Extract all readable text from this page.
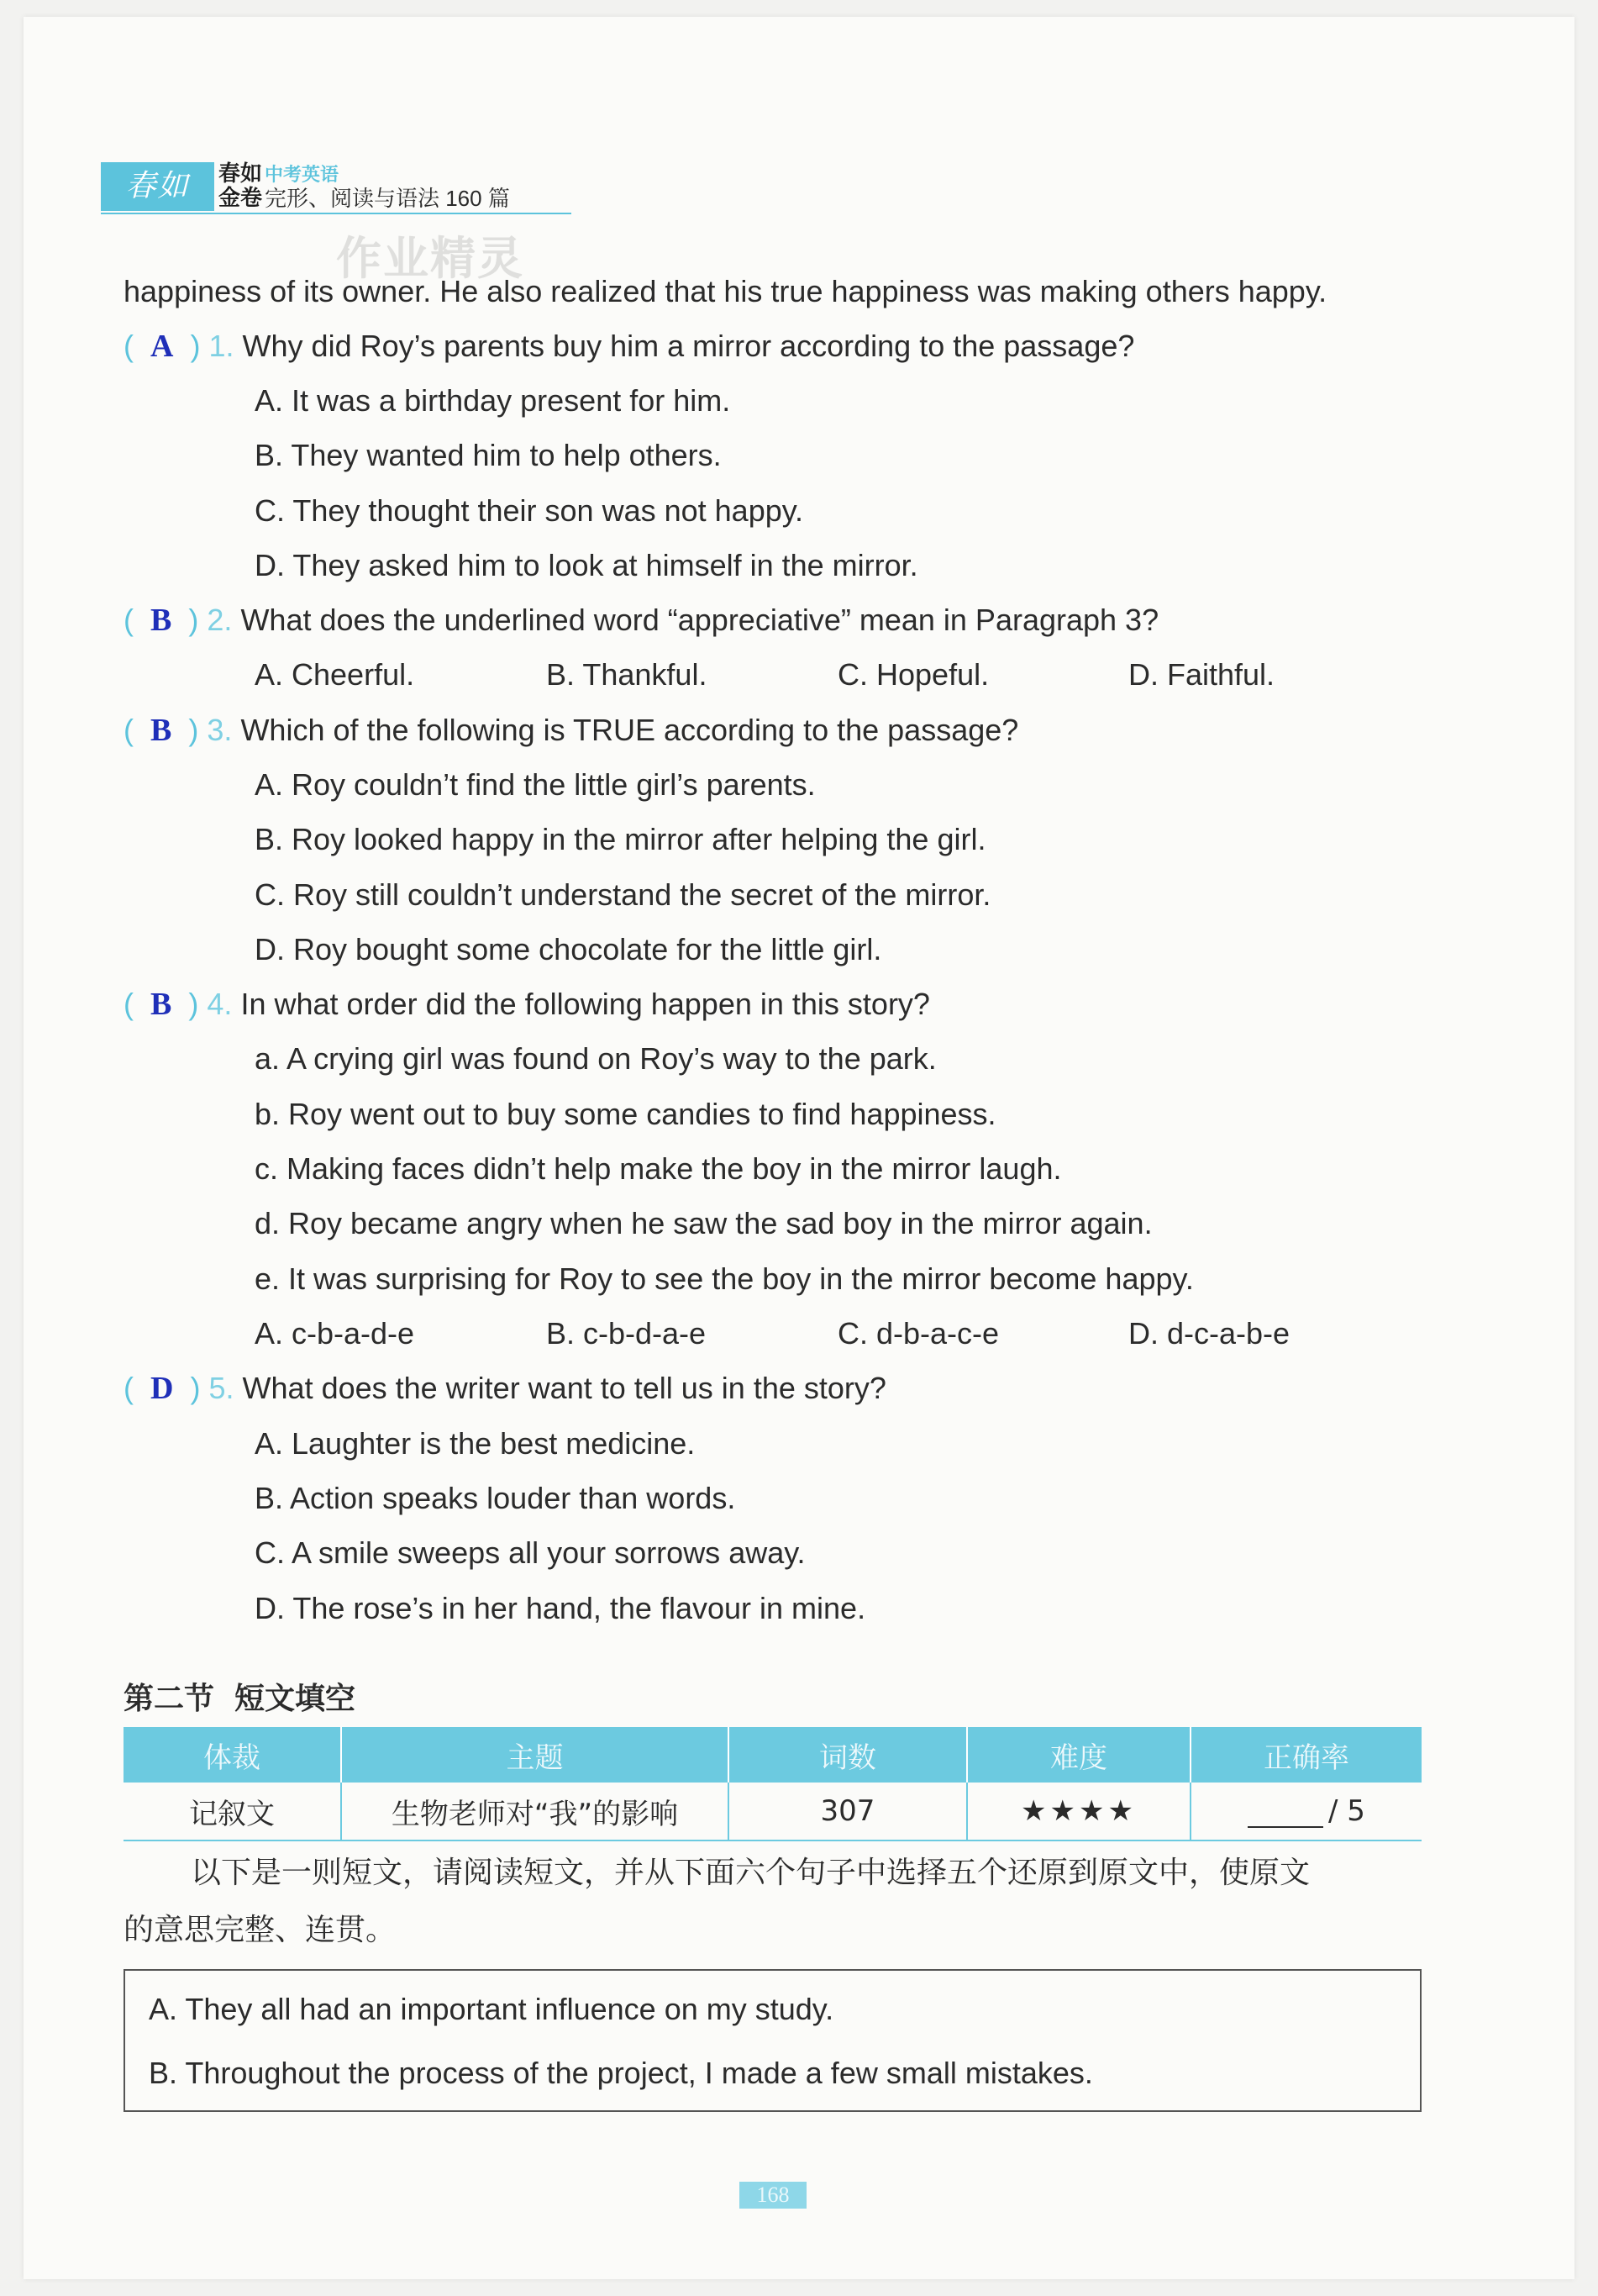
春如	春如
金卷
中考英语
完形、阅读与语法 160 篇
作业精灵
happiness of its owner. He also realized that his true happiness was making others happy.
( A ) 1. Why did Roy’s parents buy him a mirror according to the passage?
A. It was a birthday present for him.
B. They wanted him to help others.
C. They thought their son was not happy.
D. They asked him to look at himself in the mirror.
( B ) 2. What does the underlined word “appreciative” mean in Paragraph 3?
A. Cheerful.	B. Thankful.	C. Hopeful.	D. Faithful.
( B ) 3. Which of the following is TRUE according to the passage?
A. Roy couldn’t find the little girl’s parents.
B. Roy looked happy in the mirror after helping the girl.
C. Roy still couldn’t understand the secret of the mirror.
D. Roy bought some chocolate for the little girl.
( B ) 4. In what order did the following happen in this story?
a. A crying girl was found on Roy’s way to the park.
b. Roy went out to buy some candies to find happiness.
c. Making faces didn’t help make the boy in the mirror laugh.
d. Roy became angry when he saw the sad boy in the mirror again.
e. It was surprising for Roy to see the boy in the mirror become happy.
A. c-b-a-d-e	B. c-b-d-a-e	C. d-b-a-c-e	D. d-c-a-b-e
( D ) 5. What does the writer want to tell us in the story?
A. Laughter is the best medicine.
B. Action speaks louder than words.
C. A smile sweeps all your sorrows away.
D. The rose’s in her hand, the flavour in mine.
第二节 短文填空
体裁	主题	词数	难度	正确率
记叙文	生物老师对“我”的影响	307	★★★★	/ 5
以下是一则短文，请阅读短文，并从下面六个句子中选择五个还原到原文中，使原文
的意思完整、连贯。
A. They all had an important influence on my study.
B. Throughout the process of the project, I made a few small mistakes.
168
